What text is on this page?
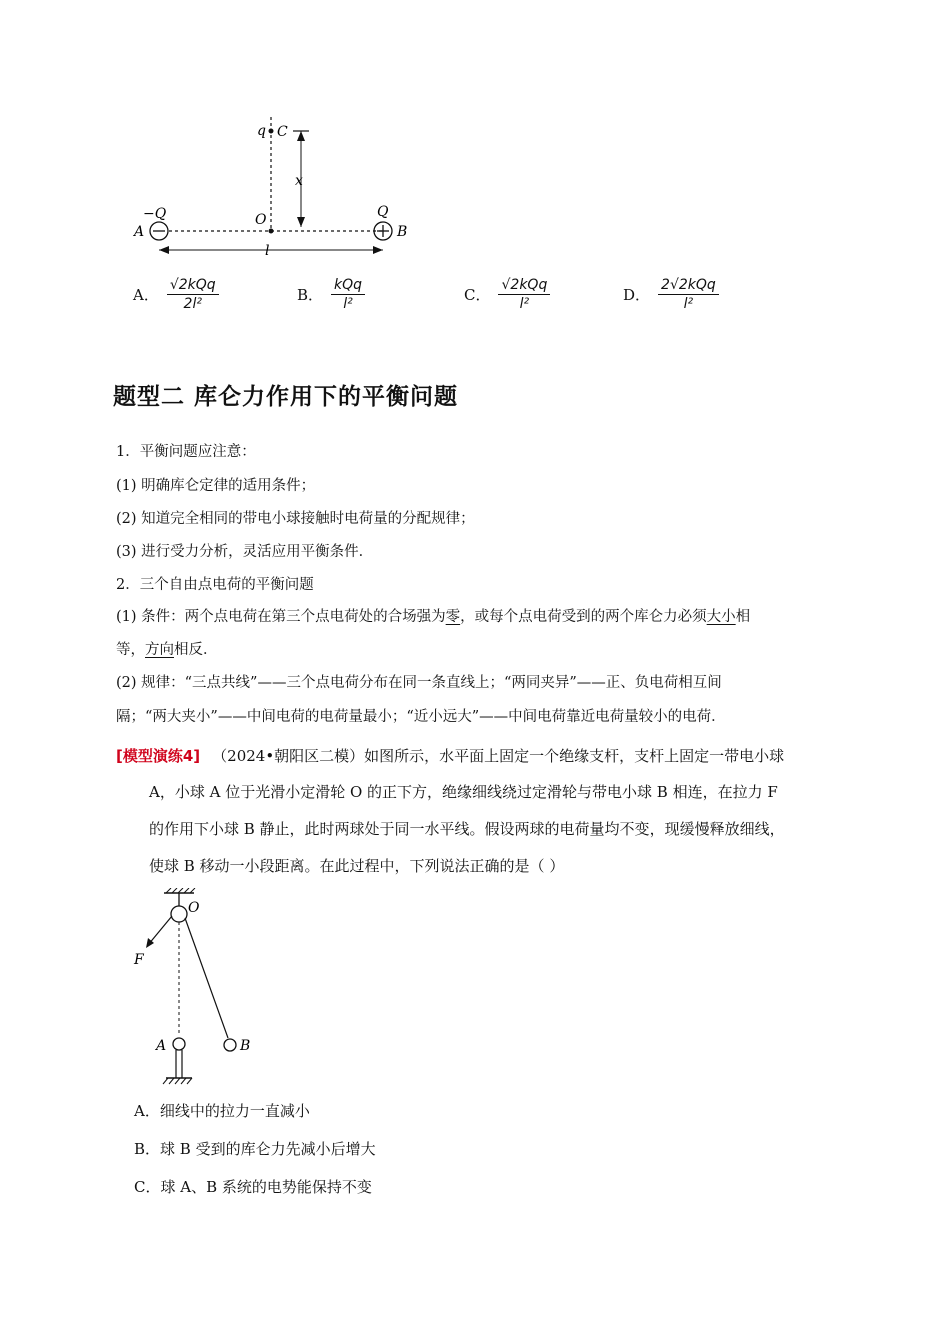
q C
x
−Q
A
O	Q
B
l
A． $\frac{\text{√2kQq}}{\text{2l²}}$	B． $\frac{\text{kQq}}{\text{l²}}$	C． $\frac{\text{√2kQq}}{\text{l²}}$	D． $\frac{\text{2√2kQq}}{\text{l²}}$
题型二 库仑力作用下的平衡问题
1．平衡问题应注意：
(1) 明确库仑定律的适用条件；
(2) 知道完全相同的带电小球接触时电荷量的分配规律；
(3) 进行受力分析，灵活应用平衡条件．
2．三个自由点电荷的平衡问题
(1) 条件：两个点电荷在第三个点电荷处的合场强为零，或每个点电荷受到的两个库仑力必须大小相
等，方向相反．
(2) 规律：“三点共线”——三个点电荷分布在同一条直线上；“两同夹异”——正、负电荷相互间
隔；“两大夹小”——中间电荷的电荷量最小；“近小远大”——中间电荷靠近电荷量较小的电荷．
[模型演练4] （2024•朝阳区二模）如图所示，水平面上固定一个绝缘支杆，支杆上固定一带电小球
A，小球 A 位于光滑小定滑轮 O 的正下方，绝缘细线绕过定滑轮与带电小球 B 相连，在拉力 F
的作用下小球 B 静止，此时两球处于同一水平线。假设两球的电荷量均不变，现缓慢释放细线，
使球 B 移动一小段距离。在此过程中，下列说法正确的是（ ）
O
F
A	B
A．细线中的拉力一直减小
B．球 B 受到的库仑力先减小后增大
C．球 A、B 系统的电势能保持不变
